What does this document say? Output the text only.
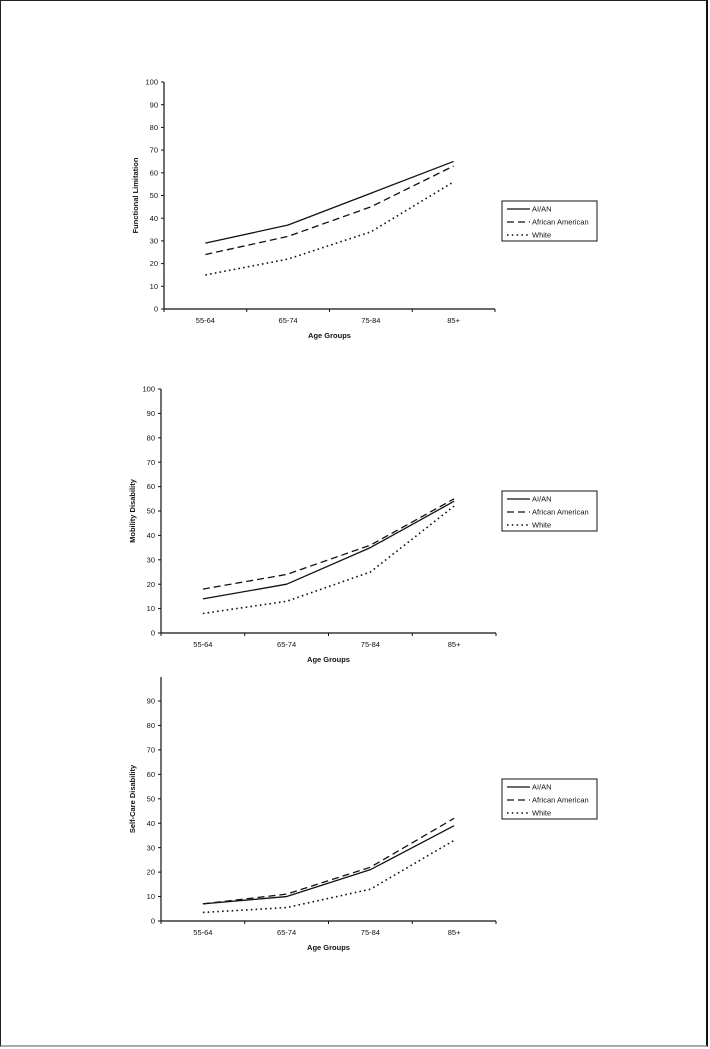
0
10
20
30
40
50
60
70
80
90
100
55-64	65-74	75-84	85+
Age Groups
Functional Limitation	AI/AN
African American
White
0
10
20
30
40
50
60
70
80
90
100
55-64	65-74	75-84	85+
Age Groups
Mobility Disability	AI/AN
African American
White
0
10
20
30
40
50
60
70
80
90
55-64	65-74	75-84	85+
Age Groups
Self-Care Disability	AI/AN
African American
White
